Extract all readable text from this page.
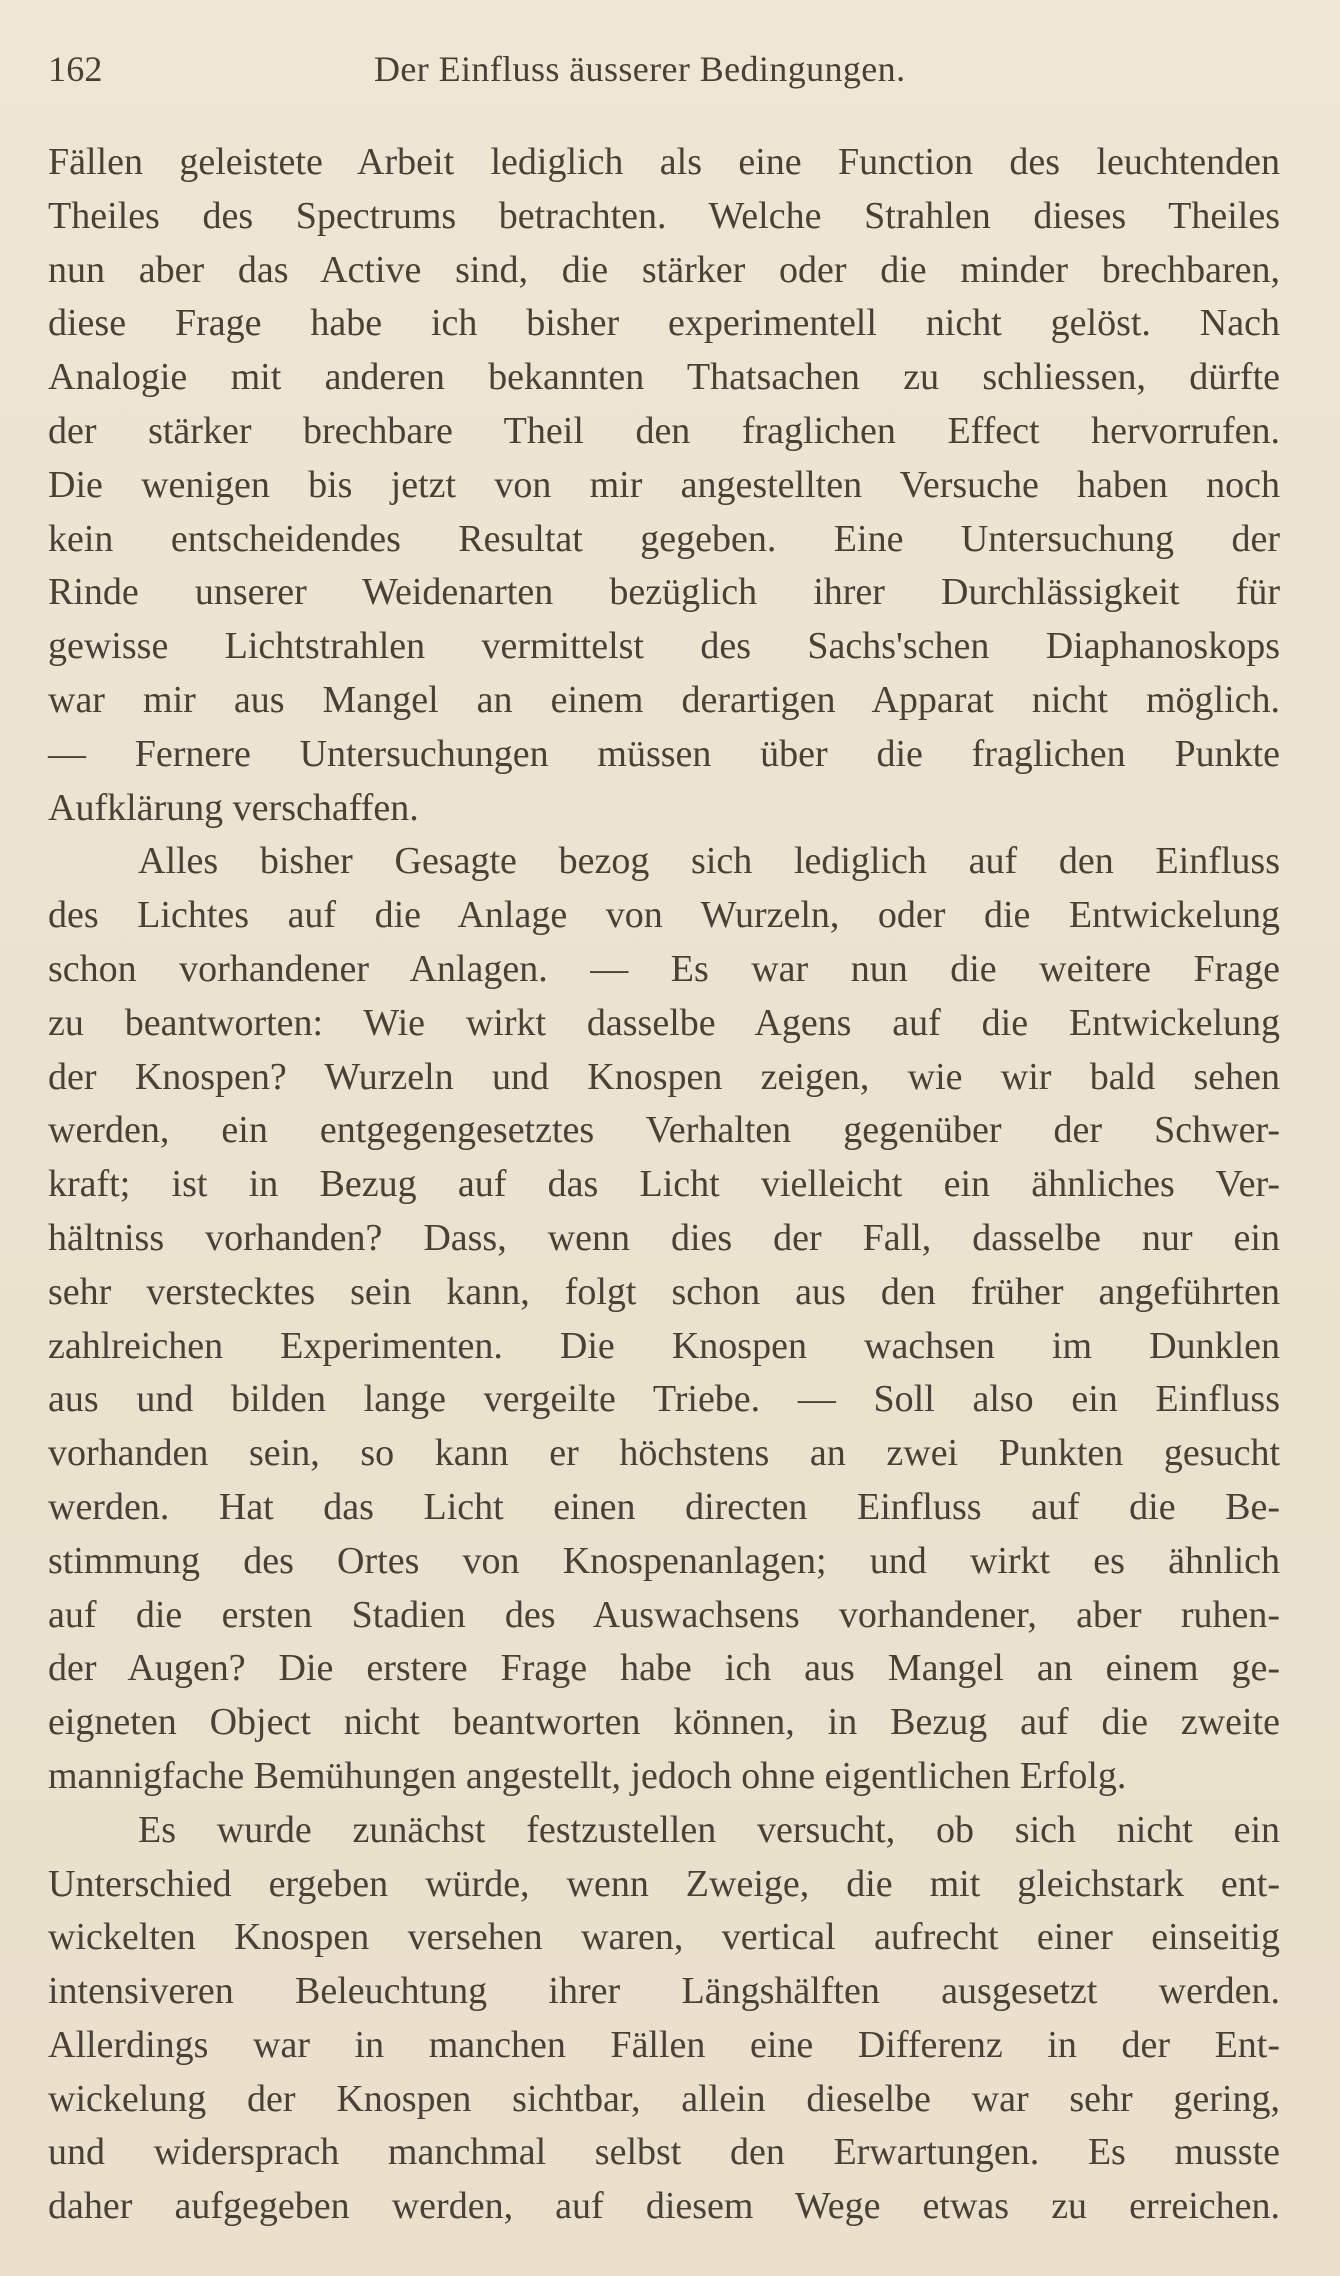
162	Der Einfluss äusserer Bedingungen.
Fällen geleistete Arbeit lediglich als eine Function des leuchtenden
Theiles des Spectrums betrachten. Welche Strahlen dieses Theiles
nun aber das Active sind, die stärker oder die minder brechbaren,
diese Frage habe ich bisher experimentell nicht gelöst. Nach
Analogie mit anderen bekannten Thatsachen zu schliessen, dürfte
der stärker brechbare Theil den fraglichen Effect hervorrufen.
Die wenigen bis jetzt von mir angestellten Versuche haben noch
kein entscheidendes Resultat gegeben. Eine Untersuchung der
Rinde unserer Weidenarten bezüglich ihrer Durchlässigkeit für
gewisse Lichtstrahlen vermittelst des Sachs'schen Diaphanoskops
war mir aus Mangel an einem derartigen Apparat nicht möglich.
— Fernere Untersuchungen müssen über die fraglichen Punkte
Aufklärung verschaffen.
Alles bisher Gesagte bezog sich lediglich auf den Einfluss
des Lichtes auf die Anlage von Wurzeln, oder die Entwickelung
schon vorhandener Anlagen. — Es war nun die weitere Frage
zu beantworten: Wie wirkt dasselbe Agens auf die Entwickelung
der Knospen? Wurzeln und Knospen zeigen, wie wir bald sehen
werden, ein entgegengesetztes Verhalten gegenüber der Schwer-
kraft; ist in Bezug auf das Licht vielleicht ein ähnliches Ver-
hältniss vorhanden? Dass, wenn dies der Fall, dasselbe nur ein
sehr verstecktes sein kann, folgt schon aus den früher angeführten
zahlreichen Experimenten. Die Knospen wachsen im Dunklen
aus und bilden lange vergeilte Triebe. — Soll also ein Einfluss
vorhanden sein, so kann er höchstens an zwei Punkten gesucht
werden. Hat das Licht einen directen Einfluss auf die Be-
stimmung des Ortes von Knospenanlagen; und wirkt es ähnlich
auf die ersten Stadien des Auswachsens vorhandener, aber ruhen-
der Augen? Die erstere Frage habe ich aus Mangel an einem ge-
eigneten Object nicht beantworten können, in Bezug auf die zweite
mannigfache Bemühungen angestellt, jedoch ohne eigentlichen Erfolg.
Es wurde zunächst festzustellen versucht, ob sich nicht ein
Unterschied ergeben würde, wenn Zweige, die mit gleichstark ent-
wickelten Knospen versehen waren, vertical aufrecht einer einseitig
intensiveren Beleuchtung ihrer Längshälften ausgesetzt werden.
Allerdings war in manchen Fällen eine Differenz in der Ent-
wickelung der Knospen sichtbar, allein dieselbe war sehr gering,
und widersprach manchmal selbst den Erwartungen. Es musste
daher aufgegeben werden, auf diesem Wege etwas zu erreichen.
